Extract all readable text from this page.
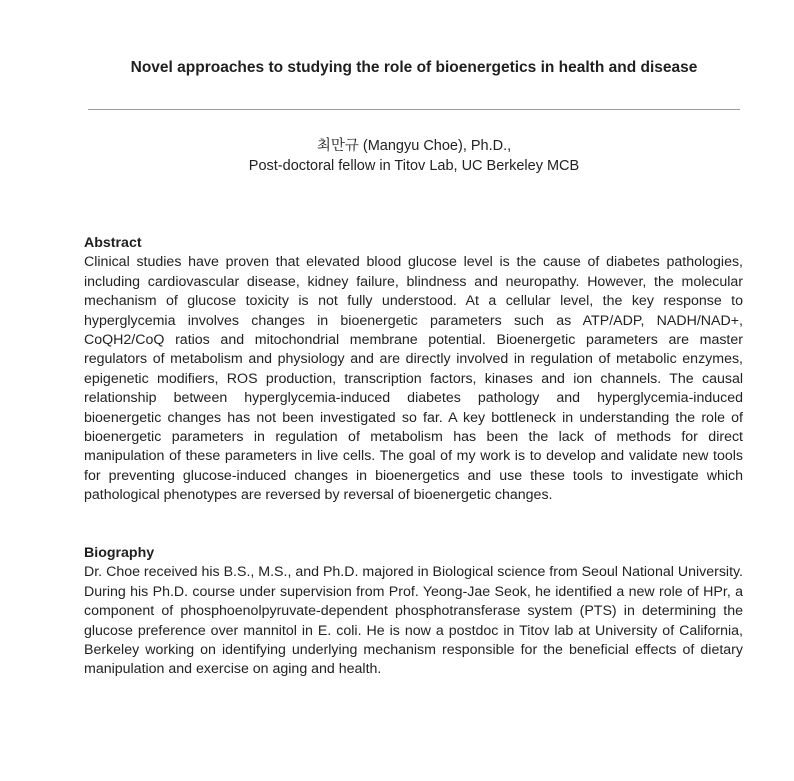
Novel approaches to studying the role of bioenergetics in health and disease
최만규 (Mangyu Choe), Ph.D.,
Post-doctoral fellow in Titov Lab, UC Berkeley MCB
Abstract

Clinical studies have proven that elevated blood glucose level is the cause of diabetes pathologies, including cardiovascular disease, kidney failure, blindness and neuropathy. However, the molecular mechanism of glucose toxicity is not fully understood. At a cellular level, the key response to hyperglycemia involves changes in bioenergetic parameters such as ATP/ADP, NADH/NAD+, CoQH2/CoQ ratios and mitochondrial membrane potential. Bioenergetic parameters are master regulators of metabolism and physiology and are directly involved in regulation of metabolic enzymes, epigenetic modifiers, ROS production, transcription factors, kinases and ion channels. The causal relationship between hyperglycemia-induced diabetes pathology and hyperglycemia-induced bioenergetic changes has not been investigated so far. A key bottleneck in understanding the role of bioenergetic parameters in regulation of metabolism has been the lack of methods for direct manipulation of these parameters in live cells. The goal of my work is to develop and validate new tools for preventing glucose-induced changes in bioenergetics and use these tools to investigate which pathological phenotypes are reversed by reversal of bioenergetic changes.

Biography

Dr. Choe received his B.S., M.S., and Ph.D. majored in Biological science from Seoul National University. During his Ph.D. course under supervision from Prof. Yeong-Jae Seok, he identified a new role of HPr, a component of phosphoenolpyruvate-dependent phosphotransferase system (PTS) in determining the glucose preference over mannitol in E. coli. He is now a postdoc in Titov lab at University of California, Berkeley working on identifying underlying mechanism responsible for the beneficial effects of dietary manipulation and exercise on aging and health.
